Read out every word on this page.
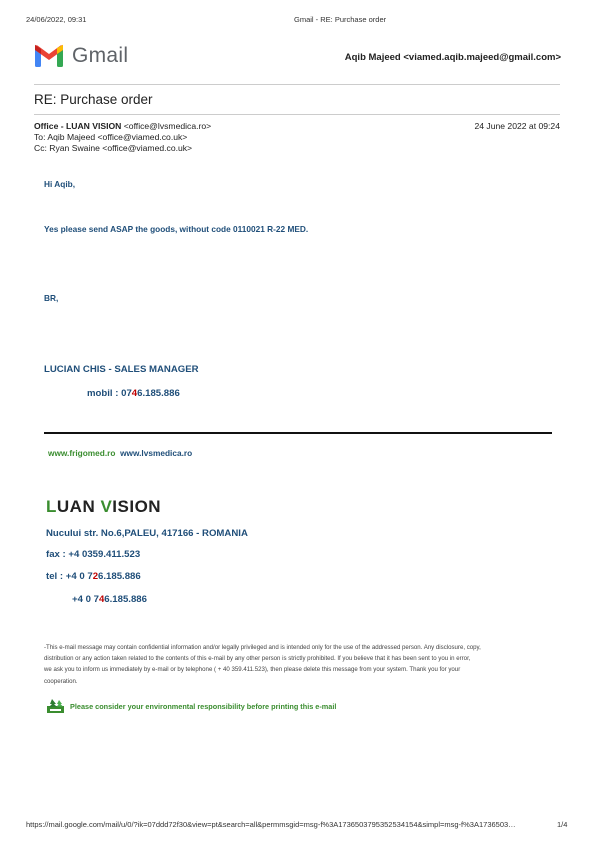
24/06/2022, 09:31	Gmail - RE: Purchase order
Gmail	Aqib Majeed <viamed.aqib.majeed@gmail.com>
RE: Purchase order
Office - LUAN VISION <office@lvsmedica.ro>	24 June 2022 at 09:24
To: Aqib Majeed <office@viamed.co.uk>
Cc: Ryan Swaine <office@viamed.co.uk>
Hi Aqib,
Yes please send ASAP the goods, without code 0110021 R-22 MED.
BR,
LUCIAN CHIS - SALES MANAGER
mobil : 0746.185.886
www.frigomed.ro www.lvsmedica.ro
LUAN VISION
Nucului str. No.6,PALEU, 417166 - ROMANIA
fax : +4 0359.411.523
tel : +4 0 726.185.886
+4 0 746.185.886
-This e-mail message may contain confidential information and/or legally privileged and is intended only for the use of the addressed person. Any disclosure, copy,
distribution or any action taken related to the contents of this e-mail by any other person is strictly prohibited. If you believe that it has been sent to you in error,
we ask you to inform us immediately by e-mail or by telephone ( + 40 359.411.523), then please delete this message from your system. Thank you for your
cooperation.
Please consider your environmental responsibility before printing this e-mail
https://mail.google.com/mail/u/0/?ik=07ddd72f30&view=pt&search=all&permmsgid=msg-f%3A1736503795352534154&simpl=msg-f%3A1736503…	1/4
